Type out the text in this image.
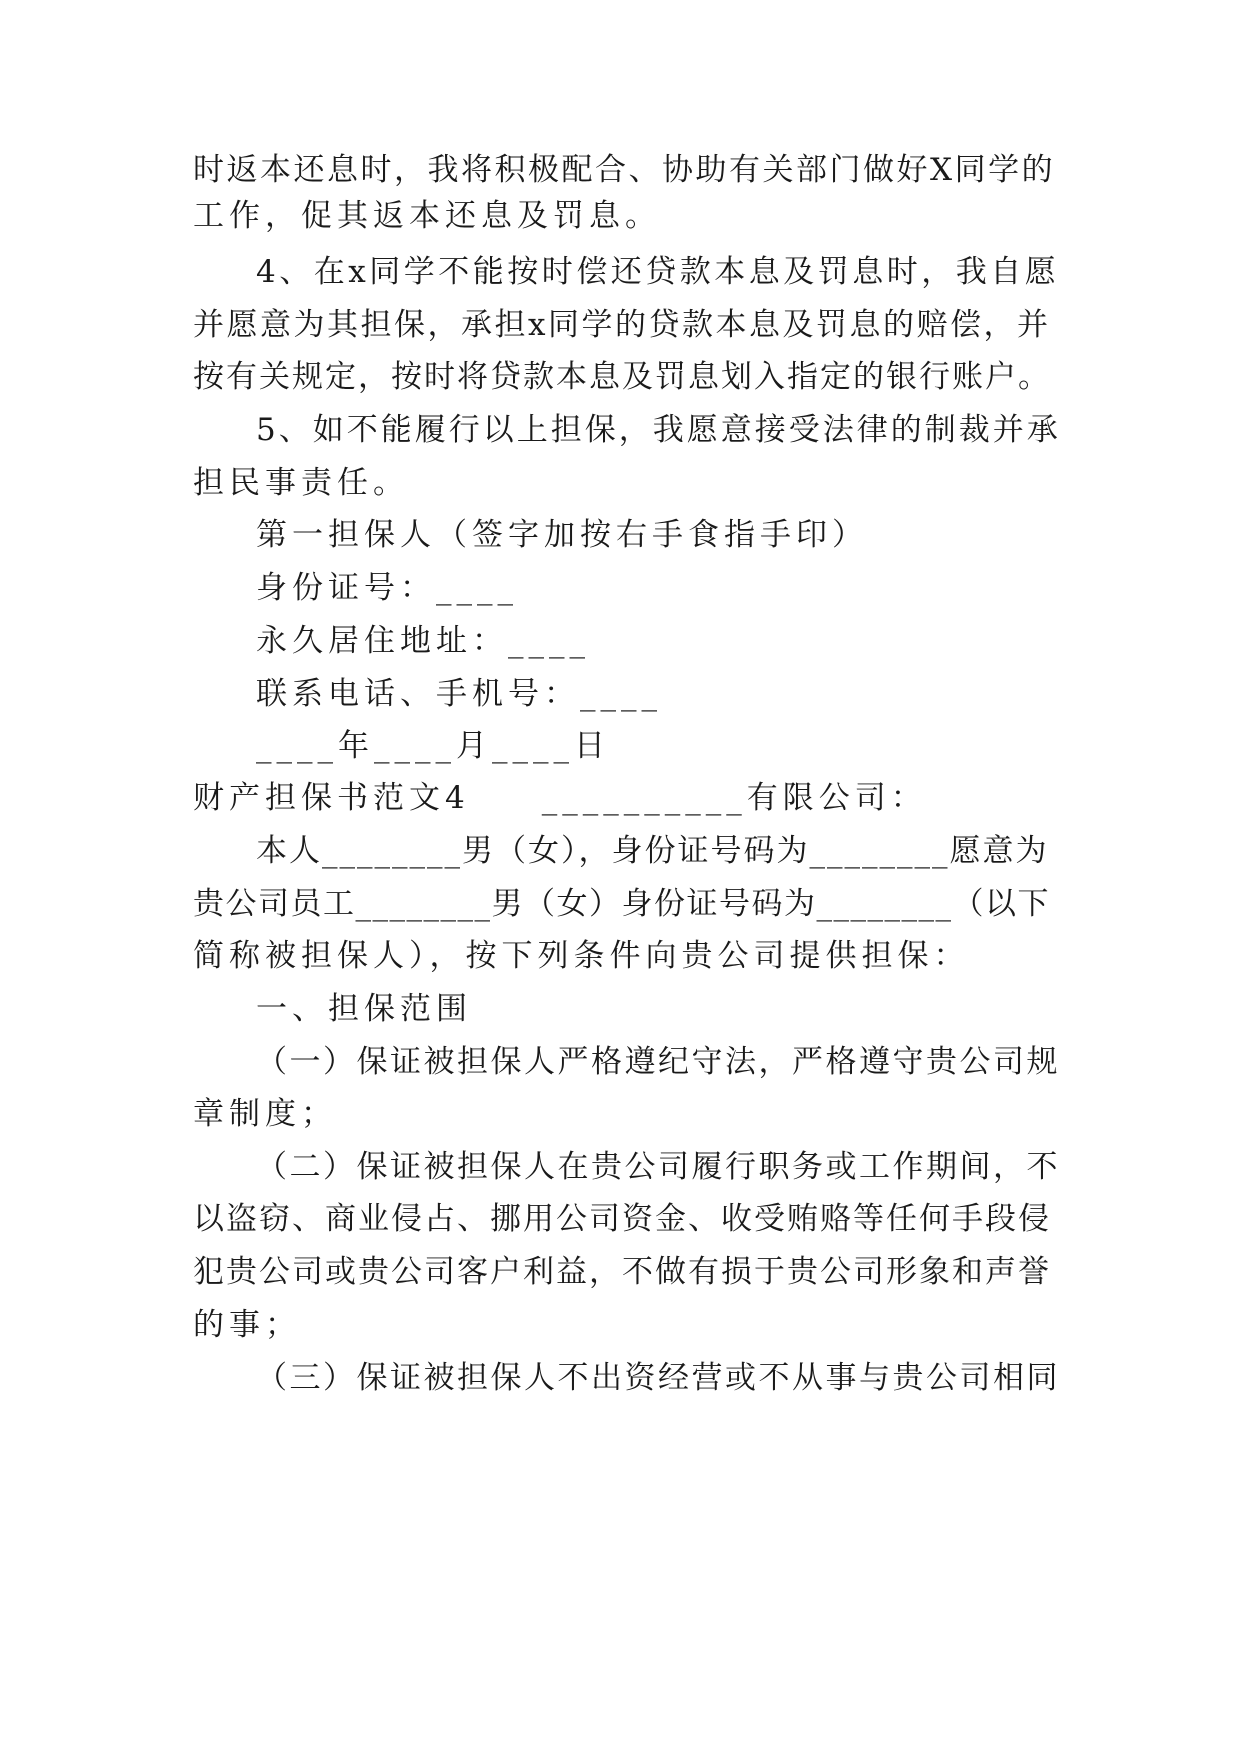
时返本还息时，我将积极配合、协助有关部门做好X同学的
工作，促其返本还息及罚息。
4、在x同学不能按时偿还贷款本息及罚息时，我自愿
并愿意为其担保，承担x同学的贷款本息及罚息的赔偿，并
按有关规定，按时将贷款本息及罚息划入指定的银行账户。
5、如不能履行以上担保，我愿意接受法律的制裁并承
担民事责任。
第一担保人（签字加按右手食指手印）
身份证号：____
永久居住地址：____
联系电话、手机号：____
____年____月____日
财产担保书范文4　　__________有限公司：
本人________男（女），身份证号码为________愿意为
贵公司员工________男（女）身份证号码为________（以下
简称被担保人），按下列条件向贵公司提供担保：
一、担保范围
（一）保证被担保人严格遵纪守法，严格遵守贵公司规
章制度；
（二）保证被担保人在贵公司履行职务或工作期间，不
以盗窃、商业侵占、挪用公司资金、收受贿赂等任何手段侵
犯贵公司或贵公司客户利益，不做有损于贵公司形象和声誉
的事；
（三）保证被担保人不出资经营或不从事与贵公司相同
